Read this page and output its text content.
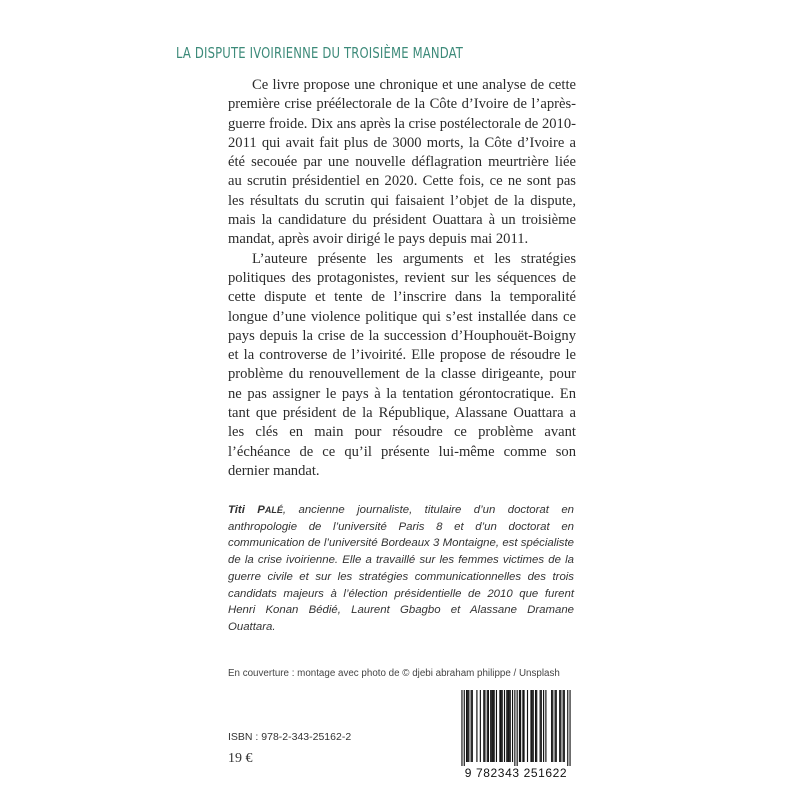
LA DISPUTE IVOIRIENNE DU TROISIÈME MANDAT

Ce livre propose une chronique et une analyse de cette première crise préélectorale de la Côte d’Ivoire de l’après-guerre froide. Dix ans après la crise postélectorale de 2010-2011 qui avait fait plus de 3000 morts, la Côte d’Ivoire a été secouée par une nouvelle déflagration meurtrière liée au scrutin présidentiel en 2020. Cette fois, ce ne sont pas les résultats du scrutin qui faisaient l’objet de la dispute, mais la candidature du président Ouattara à un troisième mandat, après avoir dirigé le pays depuis mai 2011.

L’auteure présente les arguments et les stratégies politiques des protagonistes, revient sur les séquences de cette dispute et tente de l’inscrire dans la temporalité longue d’une violence politique qui s’est installée dans ce pays depuis la crise de la succession d’Houphouët-Boigny et la controverse de l’ivoirité. Elle propose de résoudre le problème du renouvellement de la classe dirigeante, pour ne pas assigner le pays à la tentation gérontocratique. En tant que président de la République, Alassane Ouattara a les clés en main pour résoudre ce problème avant l’échéance de ce qu’il présente lui-même comme son dernier mandat.

Titi PALÉ, ancienne journaliste, titulaire d’un doctorat en anthropologie de l’université Paris 8 et d’un doctorat en communication de l’université Bordeaux 3 Montaigne, est spécialiste de la crise ivoirienne. Elle a travaillé sur les femmes victimes de la guerre civile et sur les stratégies communicationnelles des trois candidats majeurs à l’élection présidentielle de 2010 que furent Henri Konan Bédié, Laurent Gbagbo et Alassane Dramane Ouattara.
En couverture : montage avec photo de © djebi abraham philippe / Unsplash
ISBN : 978-2-343-25162-2
19 €
9 782343 251622
